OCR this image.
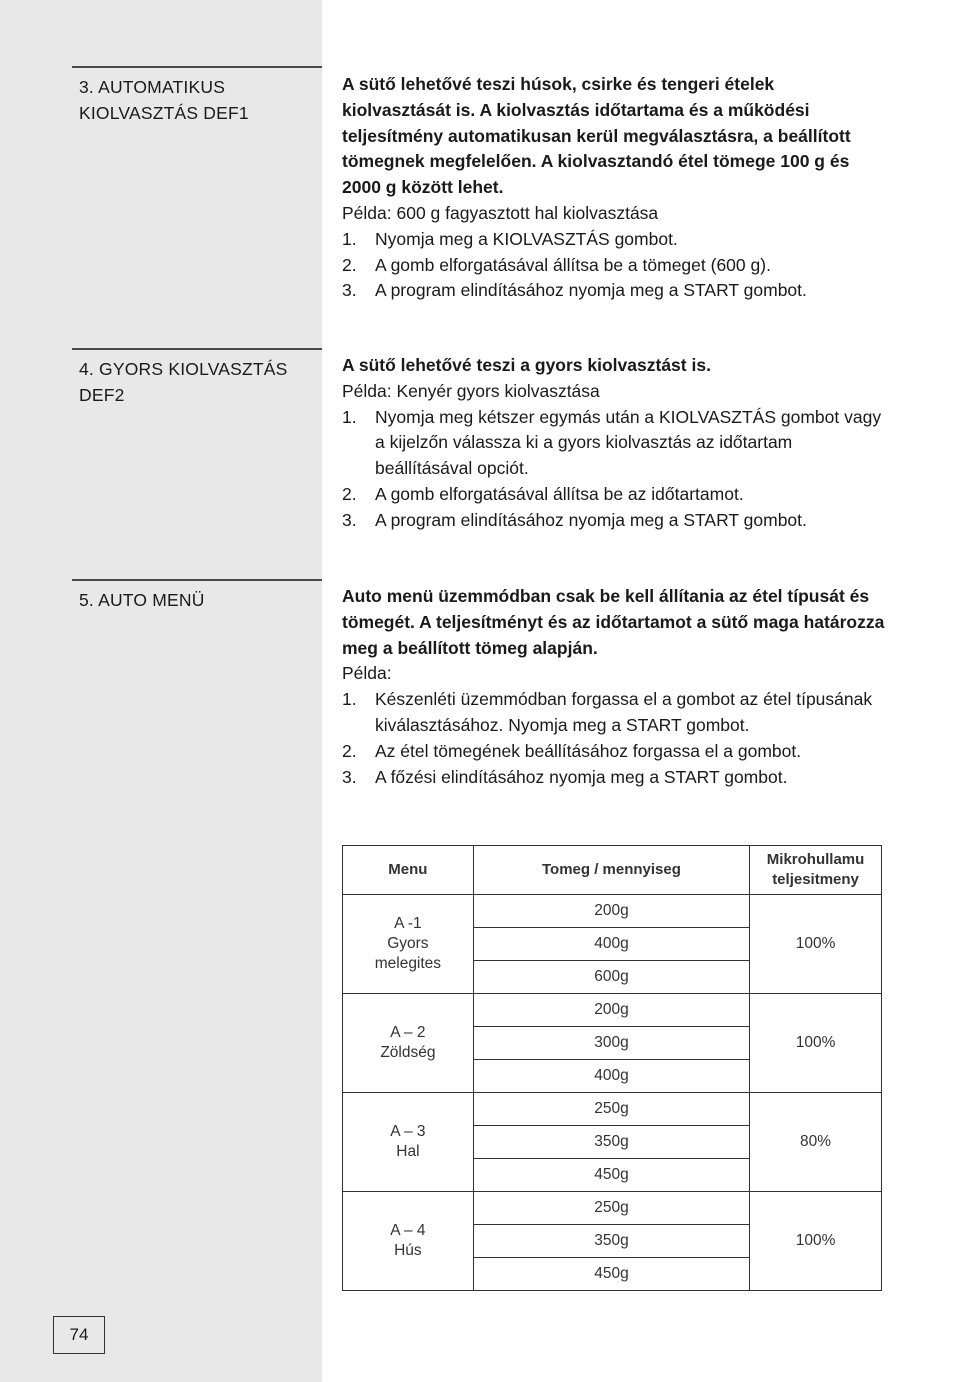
3. AUTOMATIKUS
KIOLVASZTÁS DEF1
A sütő lehetővé teszi húsok, csirke és tengeri ételek kiolvasztását is. A kiolvasztás időtartama és a működési teljesítmény automatikusan kerül megválasztásra, a beállított tömegnek megfelelően. A kiolvasztandó étel tömege 100 g és 2000 g között lehet.
Példa: 600 g fagyasztott hal kiolvasztása
1. Nyomja meg a KIOLVASZTÁS gombot.
2. A gomb elforgatásával állítsa be a tömeget (600 g).
3. A program elindításához nyomja meg a START gombot.
4. GYORS KIOLVASZTÁS
DEF2
A sütő lehetővé teszi a gyors kiolvasztást is.
Példa: Kenyér gyors kiolvasztása
1. Nyomja meg kétszer egymás után a KIOLVASZTÁS gombot vagy a kijelzőn válassza ki a gyors kiolvasztás az időtartam beállításával opciót.
2. A gomb elforgatásával állítsa be az időtartamot.
3. A program elindításához nyomja meg a START gombot.
5. AUTO MENÜ	Auto menü üzemmódban csak be kell állítania az étel típusát és tömegét. A teljesítményt és az időtartamot a sütő maga határozza meg a beállított tömeg alapján.
Példa:
1. Készenléti üzemmódban forgassa el a gombot az étel típusának kiválasztásához. Nyomja meg a START gombot.
2. Az étel tömegének beállításához forgassa el a gombot.
3. A főzési elindításához nyomja meg a START gombot.
Menu	Tomeg / mennyiseg	Mikrohullamu teljesitmeny
A -1
Gyors
melegites	200g	100%
	400g	
	600g	
A – 2
Zöldség	200g	100%
	300g	
	400g	
A – 3
Hal	250g	80%
	350g	
	450g	
A – 4
Hús	250g	100%
	350g	
	450g	
74
